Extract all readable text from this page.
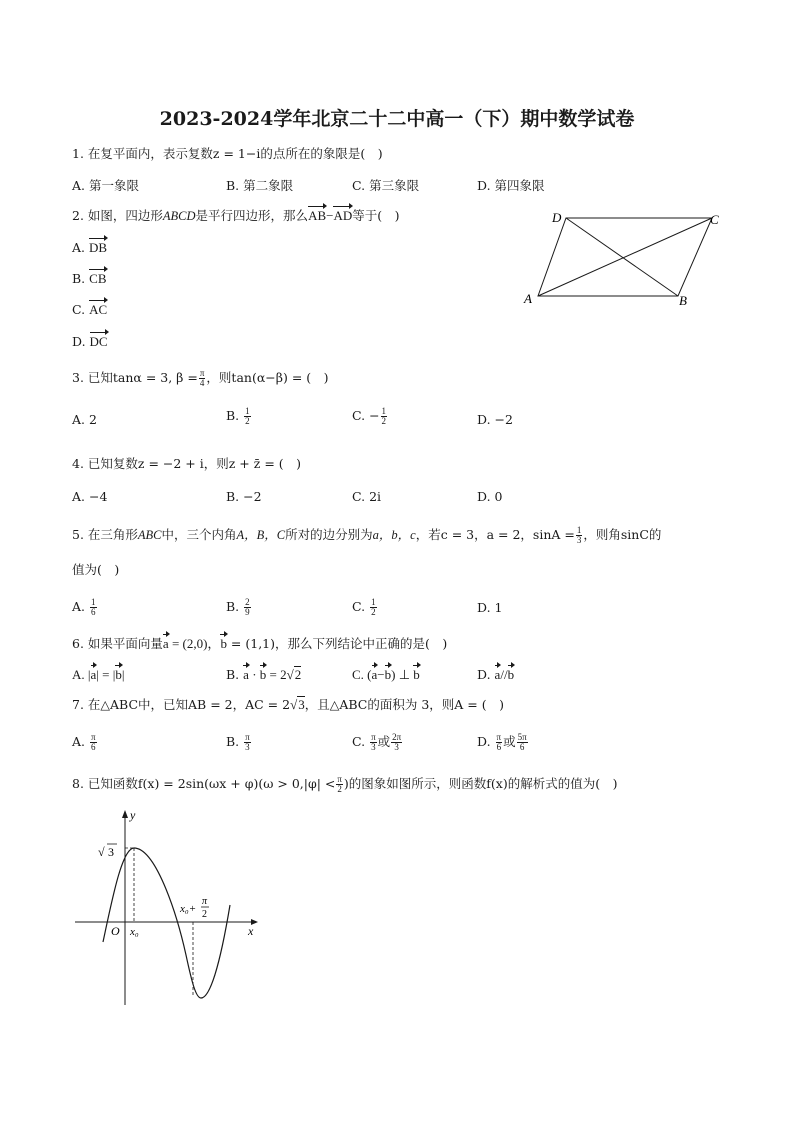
2023-2024学年北京二十二中高一（下）期中数学试卷
1. 在复平面内，表示复数z = 1−i的点所在的象限是(　)
A. 第一象限	B. 第二象限	C. 第三象限	D. 第四象限
2. 如图，四边形ABCD是平行四边形，那么AB−AD等于(　)
A. DB
B. CB
C. AC
D. DC
D	C
A	B
3. 已知tanα = 3, $\beta = \frac{\pi}{4}$ ，则tan(α−β) = (　)
A. 2	B. $\frac{1}{2}$	C. − $\frac{1}{2}$	D. −2
4. 已知复数z = −2 + i，则z + z̄ = (　)
A. −4	B. −2	C. 2i	D. 0
5. 在三角形ABC中，三个内角A，B，C所对的边分别为a，b，c，若c = 3，a = 2，$\sin A = \frac{1}{3}$ ，则角sinC的
值为(　)
A. $\frac{1}{6}$	B. $\frac{2}{9}$	C. $\frac{1}{2}$	D. 1
6. 如果平面向量a = (2,0)，b = (1,1)，那么下列结论中正确的是(　)
A. |a| = |b|	B. a · b = 2√2	C. (a−b) ⊥ b	D. a//b
7. 在△ABC中，已知AB = 2，AC = 2√3，且△ABC的面积为 3，则A = (　)
A. $\frac{\pi}{6}$	B. $\frac{\pi}{3}$	C. $\frac{\pi}{3}$ 或 $\frac{2\pi}{3}$	D. $\frac{\pi}{6}$ 或 $\frac{5\pi}{6}$
8. 已知函数$f(x) = 2\sin(\omega x + \varphi)(\omega > 0,|\varphi| < \frac{\pi}{2}$ )的图象如图所示，则函数f(x)的解析式的值为(　)
y
x
O
√ 3
x₀
x₀+
π
2
